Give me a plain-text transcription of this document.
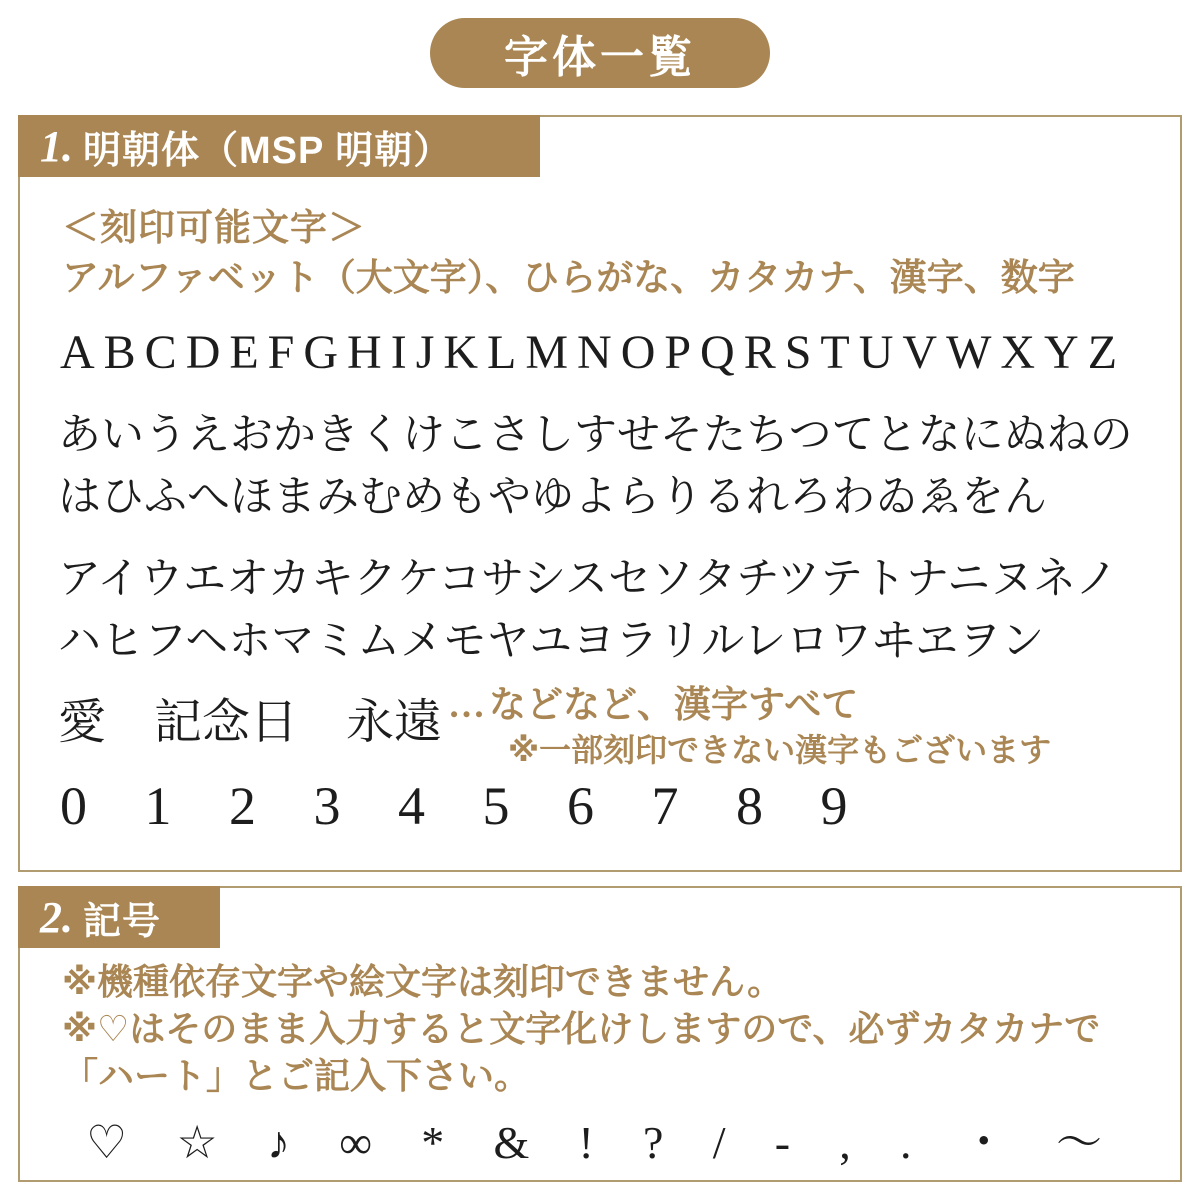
字体一覧
1. 明朝体（MSP 明朝）
＜刻印可能文字＞
アルファベット（大文字）、ひらがな、カタカナ、漢字、数字
ABCDEFGHIJKLMNOPQRSTUVWXYZ
あいうえおかきくけこさしすせそたちつてとなにぬねの
はひふへほまみむめもやゆよらりるれろわゐゑをん
アイウエオカキクケコサシスセソタチツテトナニヌネノ
ハヒフヘホマミムメモヤユヨラリルレロワヰヱヲン
愛　記念日　永遠 … などなど、漢字すべて
※一部刻印できない漢字もございます
0 1 2 3 4 5 6 7 8 9
2. 記号
※機種依存文字や絵文字は刻印できません。
※♡はそのまま入力すると文字化けしますので、必ずカタカナで
「ハート」とご記入下さい。
♡ ☆ ♪ ∞ * & ! ? / - , . ・ ～
